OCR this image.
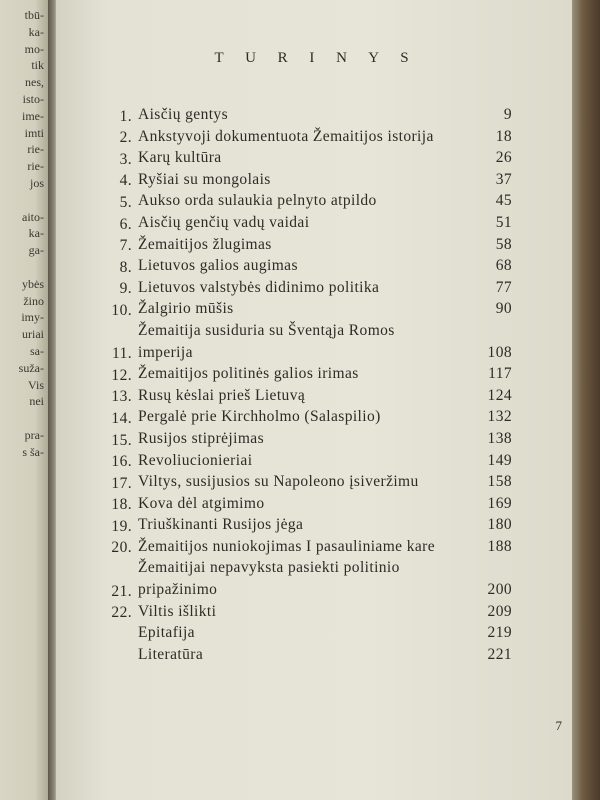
tbū-
ka-
mo-
tik
nes,
isto-
ime-
imti
rie-
rie-
jos
aito-
ka-
ga-
ybės
žino
imy-
uriai
sa-
suža-
Vis
nei
pra-
s ša-
T U R I N Y S
1. Aisčių gentys	9
2. Ankstyvoji dokumentuota Žemaitijos istorija	18
3. Karų kultūra	26
4. Ryšiai su mongolais	37
5. Aukso orda sulaukia pelnyto atpildo	45
6. Aisčių genčių vadų vaidai	51
7. Žemaitijos žlugimas	58
8. Lietuvos galios augimas	68
9. Lietuvos valstybės didinimo politika	77
10. Žalgirio mūšis	90
11.
Žemaitija susiduria su Šventąja Romos imperija	108
12. Žemaitijos politinės galios irimas	117
13. Rusų kėslai prieš Lietuvą	124
14. Pergalė prie Kirchholmo (Salaspilio)	132
15. Rusijos stiprėjimas	138
16. Revoliucionieriai	149
17. Viltys, susijusios su Napoleono įsiveržimu	158
18. Kova dėl atgimimo	169
19. Triuškinanti Rusijos jėga	180
20. Žemaitijos nuniokojimas I pasauliniame kare	188
21.
Žemaitijai nepavyksta pasiekti politinio pripažinimo	200
22. Viltis išlikti	209
Epitafija	219
Literatūra	221
7
